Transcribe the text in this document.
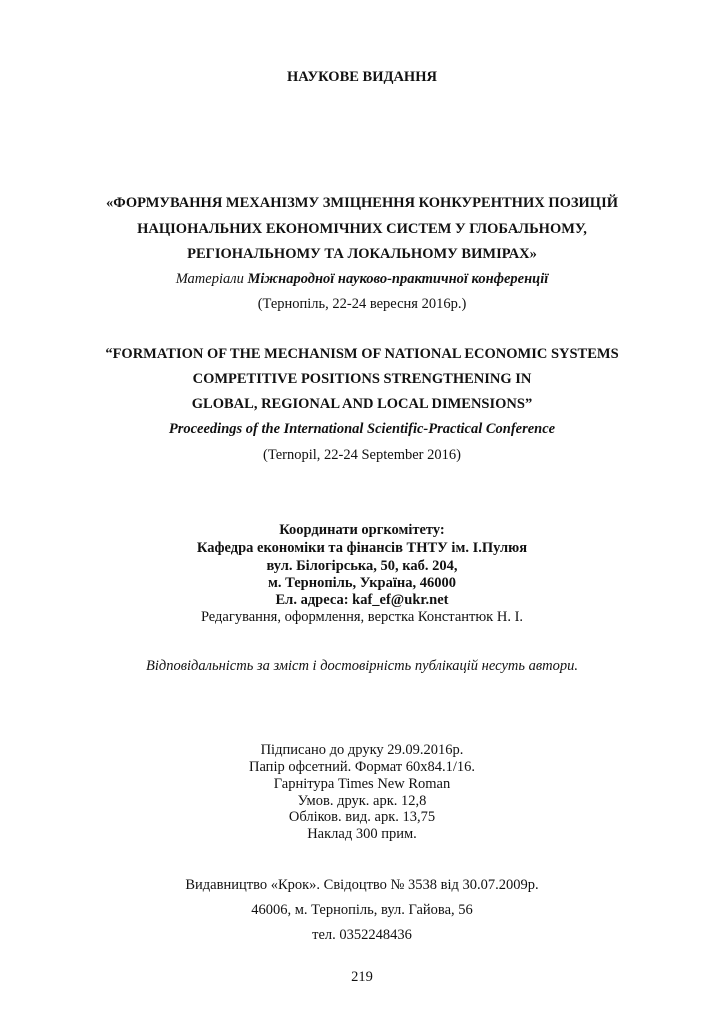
НАУКОВЕ ВИДАННЯ
«ФОРМУВАННЯ МЕХАНІЗМУ ЗМІЦНЕННЯ КОНКУРЕНТНИХ ПОЗИЦІЙ
НАЦІОНАЛЬНИХ ЕКОНОМІЧНИХ СИСТЕМ У ГЛОБАЛЬНОМУ,
РЕГІОНАЛЬНОМУ ТА ЛОКАЛЬНОМУ ВИМІРАХ»
Матеріали Міжнародної науково-практичної конференції
(Тернопіль, 22-24 вересня 2016р.)
“FORMATION OF THE MECHANISM OF NATIONAL ECONOMIC SYSTEMS
COMPETITIVE POSITIONS STRENGTHENING IN
GLOBAL, REGIONAL AND LOCAL DIMENSIONS”
Proceedings of the International Scientific-Practical Conference
(Ternopil, 22-24 September 2016)
Координати оргкомітету:
Кафедра економіки та фінансів ТНТУ ім. І.Пулюя
вул. Білогірська, 50, каб. 204,
м. Тернопіль, Україна, 46000
Ел. адреса: kaf_ef@ukr.net
Редагування, оформлення, верстка Константюк Н. І.
Відповідальність за зміст і достовірність публікацій несуть автори.
Підписано до друку 29.09.2016р.
Папір офсетний. Формат 60х84.1/16.
Гарнітура Times New Roman
Умов. друк. арк. 12,8
Обліков. вид. арк. 13,75
Наклад 300 прим.
Видавництво «Крок». Свідоцтво № 3538 від 30.07.2009р.
46006, м. Тернопіль, вул. Гайова, 56
тел. 0352248436
219
